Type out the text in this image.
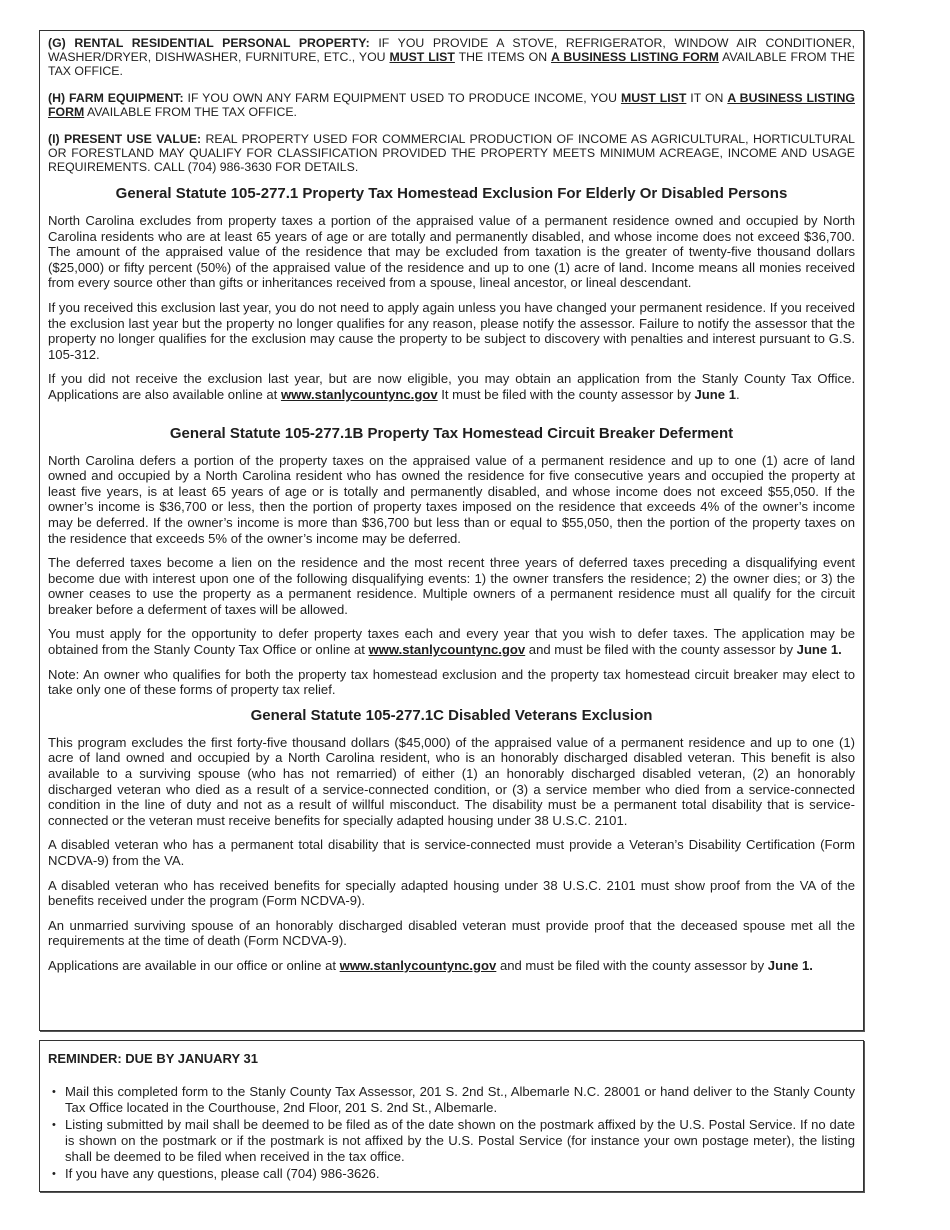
(G) RENTAL RESIDENTIAL PERSONAL PROPERTY: IF YOU PROVIDE A STOVE, REFRIGERATOR, WINDOW AIR CONDITIONER, WASHER/DRYER, DISHWASHER, FURNITURE, ETC., YOU MUST LIST THE ITEMS ON A BUSINESS LISTING FORM AVAILABLE FROM THE TAX OFFICE.

(H) FARM EQUIPMENT: IF YOU OWN ANY FARM EQUIPMENT USED TO PRODUCE INCOME, YOU MUST LIST IT ON A BUSINESS LISTING FORM AVAILABLE FROM THE TAX OFFICE.

(I) PRESENT USE VALUE: REAL PROPERTY USED FOR COMMERCIAL PRODUCTION OF INCOME AS AGRICULTURAL, HORTICULTURAL OR FORESTLAND MAY QUALIFY FOR CLASSIFICATION PROVIDED THE PROPERTY MEETS MINIMUM ACREAGE, INCOME AND USAGE REQUIREMENTS. CALL (704) 986-3630 FOR DETAILS.

General Statute 105-277.1 Property Tax Homestead Exclusion For Elderly Or Disabled Persons

North Carolina excludes from property taxes a portion of the appraised value of a permanent residence owned and occupied by North Carolina residents who are at least 65 years of age or are totally and permanently disabled, and whose income does not exceed $36,700. The amount of the appraised value of the residence that may be excluded from taxation is the greater of twenty-five thousand dollars ($25,000) or fifty percent (50%) of the appraised value of the residence and up to one (1) acre of land. Income means all monies received from every source other than gifts or inheritances received from a spouse, lineal ancestor, or lineal descendant.

If you received this exclusion last year, you do not need to apply again unless you have changed your permanent residence. If you received the exclusion last year but the property no longer qualifies for any reason, please notify the assessor. Failure to notify the assessor that the property no longer qualifies for the exclusion may cause the property to be subject to discovery with penalties and interest pursuant to G.S. 105-312.

If you did not receive the exclusion last year, but are now eligible, you may obtain an application from the Stanly County Tax Office. Applications are also available online at www.stanlycountync.gov It must be filed with the county assessor by June 1.

General Statute 105-277.1B Property Tax Homestead Circuit Breaker Deferment

North Carolina defers a portion of the property taxes on the appraised value of a permanent residence and up to one (1) acre of land owned and occupied by a North Carolina resident who has owned the residence for five consecutive years and occupied the property at least five years, is at least 65 years of age or is totally and permanently disabled, and whose income does not exceed $55,050. If the owner’s income is $36,700 or less, then the portion of property taxes imposed on the residence that exceeds 4% of the owner’s income may be deferred. If the owner’s income is more than $36,700 but less than or equal to $55,050, then the portion of the property taxes on the residence that exceeds 5% of the owner’s income may be deferred.

The deferred taxes become a lien on the residence and the most recent three years of deferred taxes preceding a disqualifying event become due with interest upon one of the following disqualifying events: 1) the owner transfers the residence; 2) the owner dies; or 3) the owner ceases to use the property as a permanent residence. Multiple owners of a permanent residence must all qualify for the circuit breaker before a deferment of taxes will be allowed.

You must apply for the opportunity to defer property taxes each and every year that you wish to defer taxes. The application may be obtained from the Stanly County Tax Office or online at www.stanlycountync.gov and must be filed with the county assessor by June 1.

Note: An owner who qualifies for both the property tax homestead exclusion and the property tax homestead circuit breaker may elect to take only one of these forms of property tax relief.

General Statute 105-277.1C Disabled Veterans Exclusion

This program excludes the first forty-five thousand dollars ($45,000) of the appraised value of a permanent residence and up to one (1) acre of land owned and occupied by a North Carolina resident, who is an honorably discharged disabled veteran. This benefit is also available to a surviving spouse (who has not remarried) of either (1) an honorably discharged disabled veteran, (2) an honorably discharged veteran who died as a result of a service-connected condition, or (3) a service member who died from a service-connected condition in the line of duty and not as a result of willful misconduct. The disability must be a permanent total disability that is service-connected or the veteran must receive benefits for specially adapted housing under 38 U.S.C. 2101.

A disabled veteran who has a permanent total disability that is service-connected must provide a Veteran’s Disability Certification (Form NCDVA-9) from the VA.

A disabled veteran who has received benefits for specially adapted housing under 38 U.S.C. 2101 must show proof from the VA of the benefits received under the program (Form NCDVA-9).

An unmarried surviving spouse of an honorably discharged disabled veteran must provide proof that the deceased spouse met all the requirements at the time of death (Form NCDVA-9).

Applications are available in our office or online at www.stanlycountync.gov and must be filed with the county assessor by June 1.

REMINDER: DUE BY JANUARY 31
• Mail this completed form to the Stanly County Tax Assessor, 201 S. 2nd St., Albemarle N.C. 28001 or hand deliver to the Stanly County Tax Office located in the Courthouse, 2nd Floor, 201 S. 2nd St., Albemarle.
• Listing submitted by mail shall be deemed to be filed as of the date shown on the postmark affixed by the U.S. Postal Service. If no date is shown on the postmark or if the postmark is not affixed by the U.S. Postal Service (for instance your own postage meter), the listing shall be deemed to be filed when received in the tax office.
• If you have any questions, please call (704) 986-3626.
